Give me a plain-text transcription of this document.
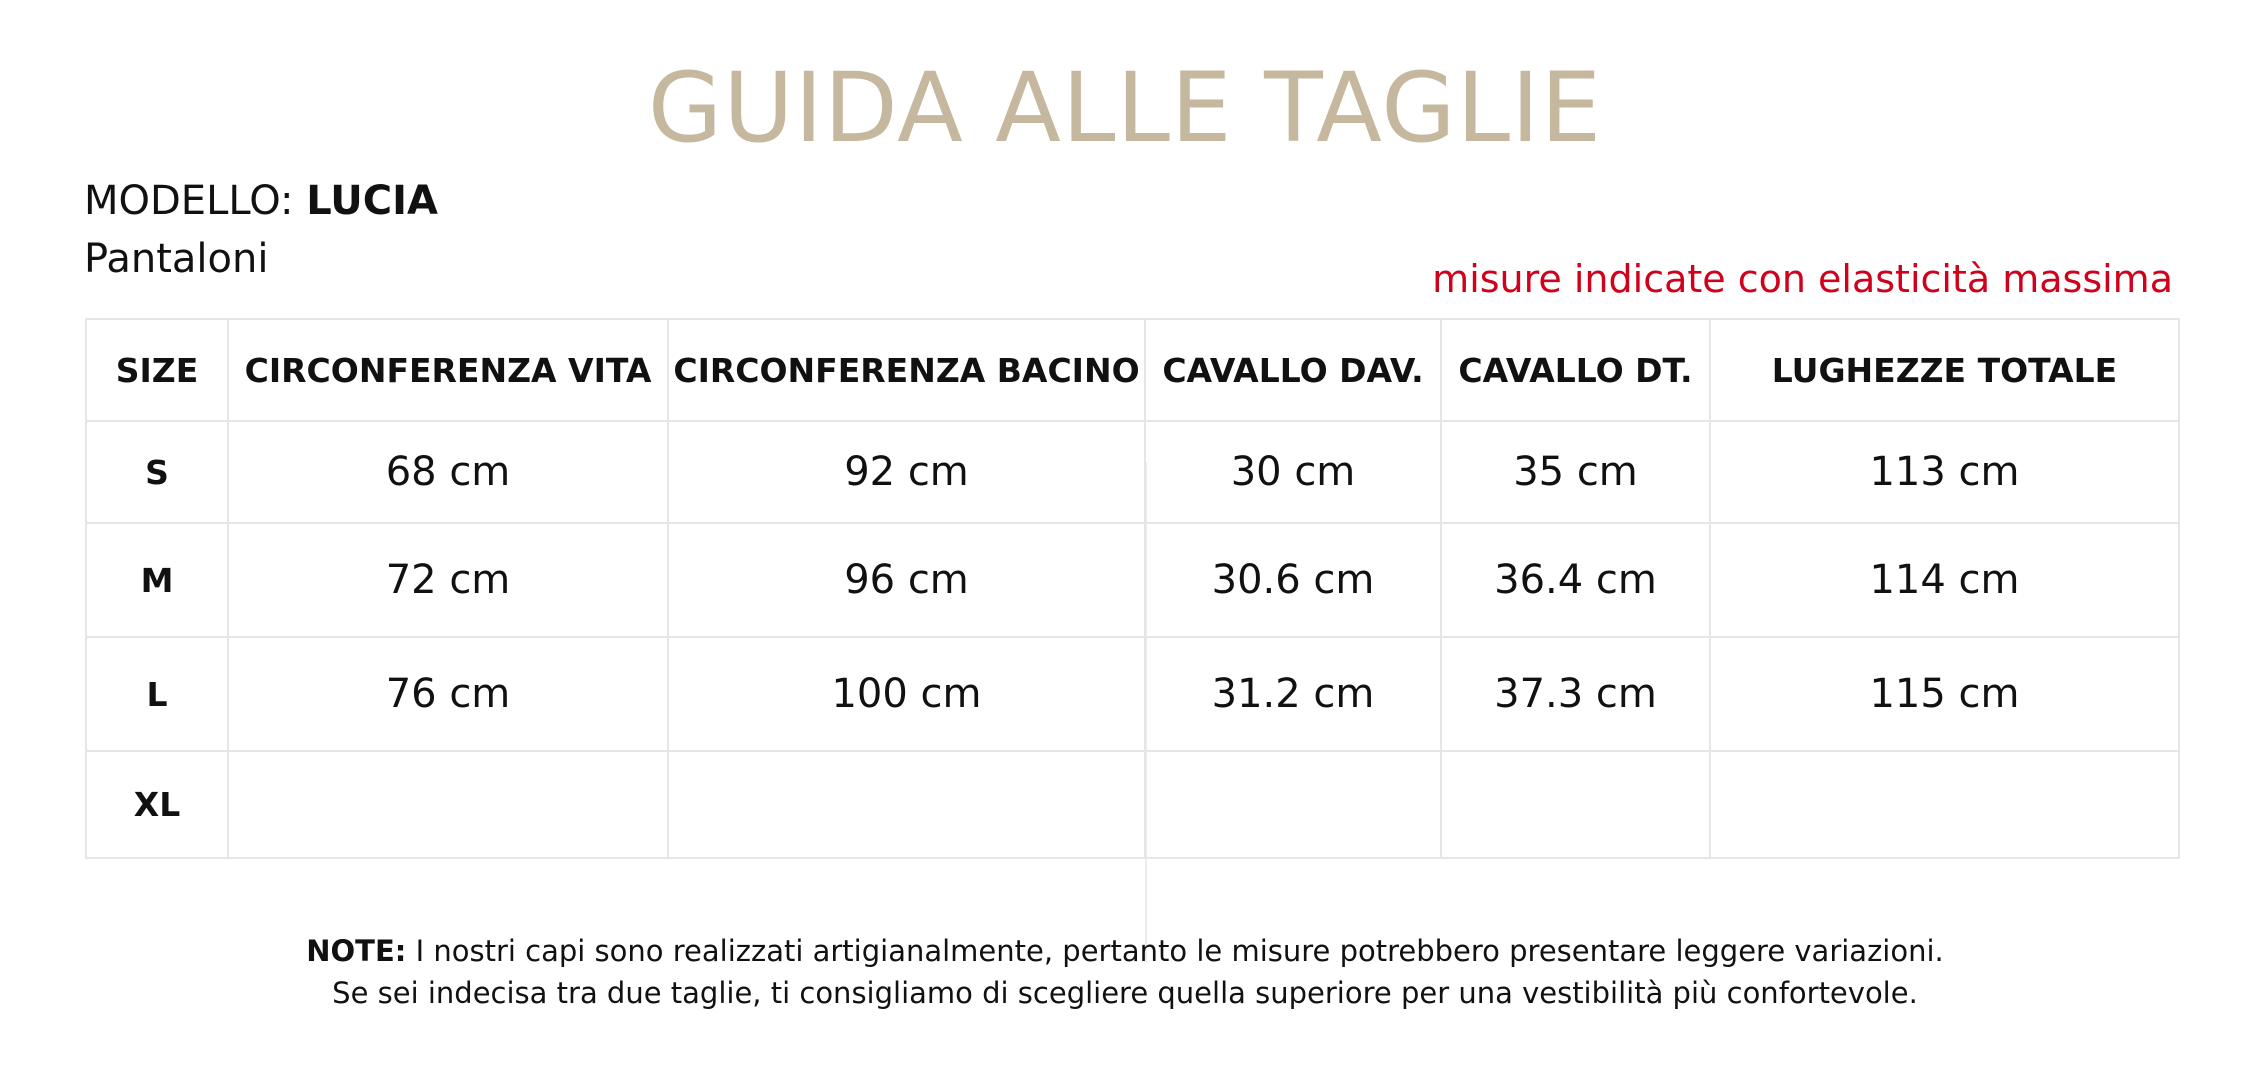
GUIDA ALLE TAGLIE
MODELLO: LUCIA
Pantaloni	misure indicate con elasticità massima
SIZE	CIRCONFERENZA VITA	CIRCONFERENZA BACINO	CAVALLO DAV.	CAVALLO DT.	LUGHEZZE TOTALE
S	68 cm	92 cm	30 cm	35 cm	113 cm
M	72 cm	96 cm	30.6 cm	36.4 cm	114 cm
L	76 cm	100 cm	31.2 cm	37.3 cm	115 cm
XL					
NOTE: I nostri capi sono realizzati artigianalmente, pertanto le misure potrebbero presentare leggere variazioni.
Se sei indecisa tra due taglie, ti consigliamo di scegliere quella superiore per una vestibilità più confortevole.
